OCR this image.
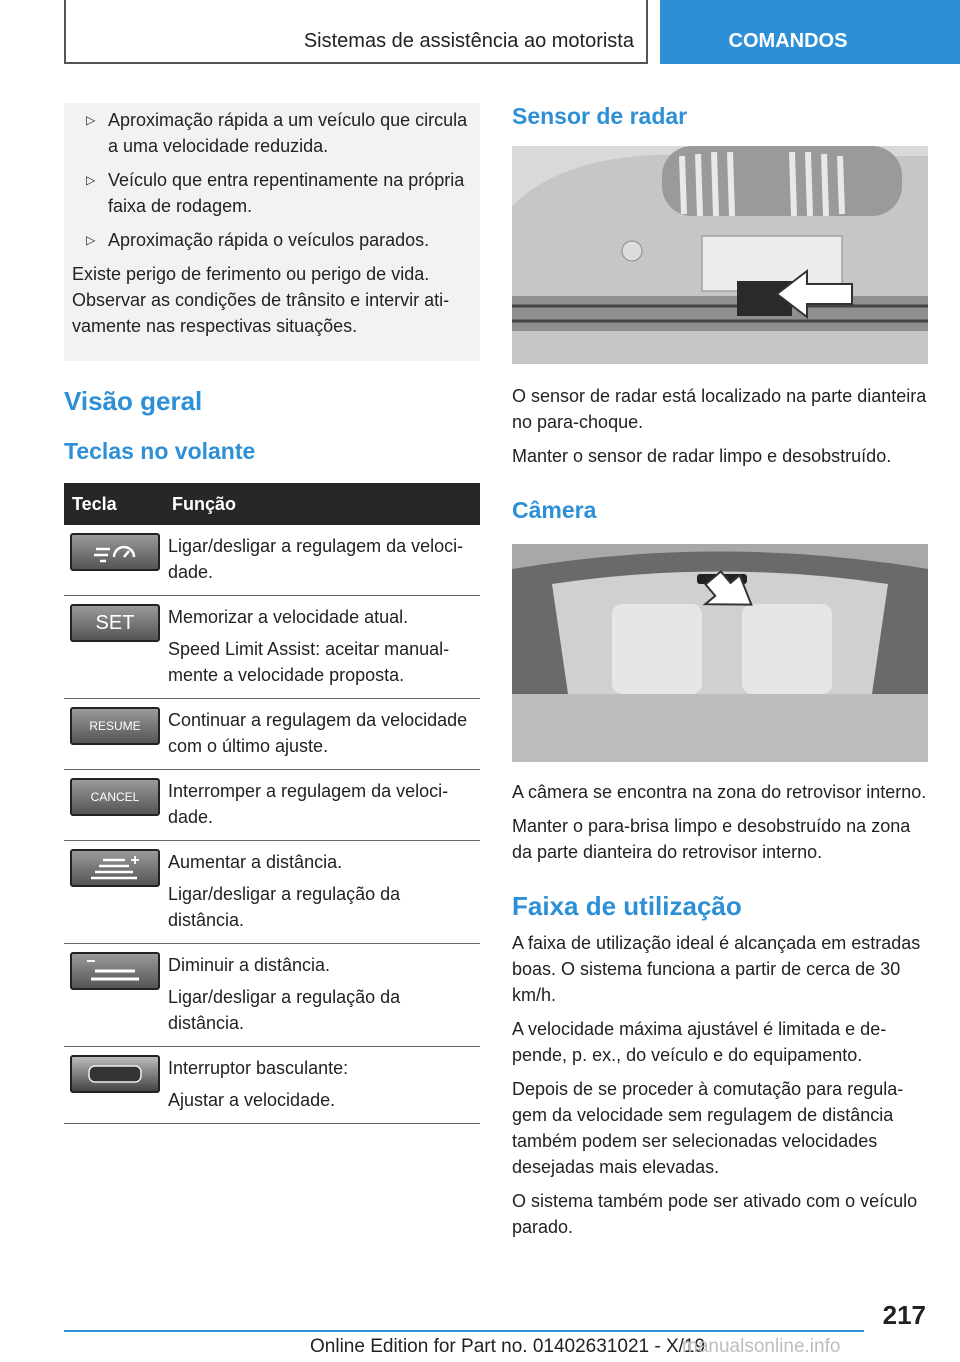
Sistemas de assistência ao motorista	COMANDOS
▷ Aproximação rápida a um veículo que circula a uma velocidade reduzida.
▷ Veículo que entra repentinamente na própria faixa de rodagem.
▷ Aproximação rápida o veículos parados.

Existe perigo de ferimento ou perigo de vida. Observar as condições de trânsito e intervir ativamente nas respectivas situações.

Visão geral
Teclas no volante
Tecla	Função

Ligar/desligar a regulagem da velocidade.

SET	Memorizar a velocidade atual.
Speed Limit Assist: aceitar manualmente a velocidade proposta.

RESUME	Continuar a regulagem da velocidade com o último ajuste.

CANCEL	Interromper a regulagem da velocidade.

Aumentar a distância.
Ligar/desligar a regulação da distância.

Diminuir a distância.
Ligar/desligar a regulação da distância.

Interruptor basculante:
Ajustar a velocidade.
Sensor de radar

O sensor de radar está localizado na parte dianteira no para-choque.

Manter o sensor de radar limpo e desobstruído.

Câmera

A câmera se encontra na zona do retrovisor interno.

Manter o para-brisa limpo e desobstruído na zona da parte dianteira do retrovisor interno.

Faixa de utilização

A faixa de utilização ideal é alcançada em estradas boas. O sistema funciona a partir de cerca de 30 km/h.

A velocidade máxima ajustável é limitada e depende, p. ex., do veículo e do equipamento.

Depois de se proceder à comutação para regulagem da velocidade sem regulagem de distância também podem ser selecionadas velocidades desejadas mais elevadas.

O sistema também pode ser ativado com o veículo parado.

217
Online Edition for Part no. 01402631021 - X/19
manualsonline.info
